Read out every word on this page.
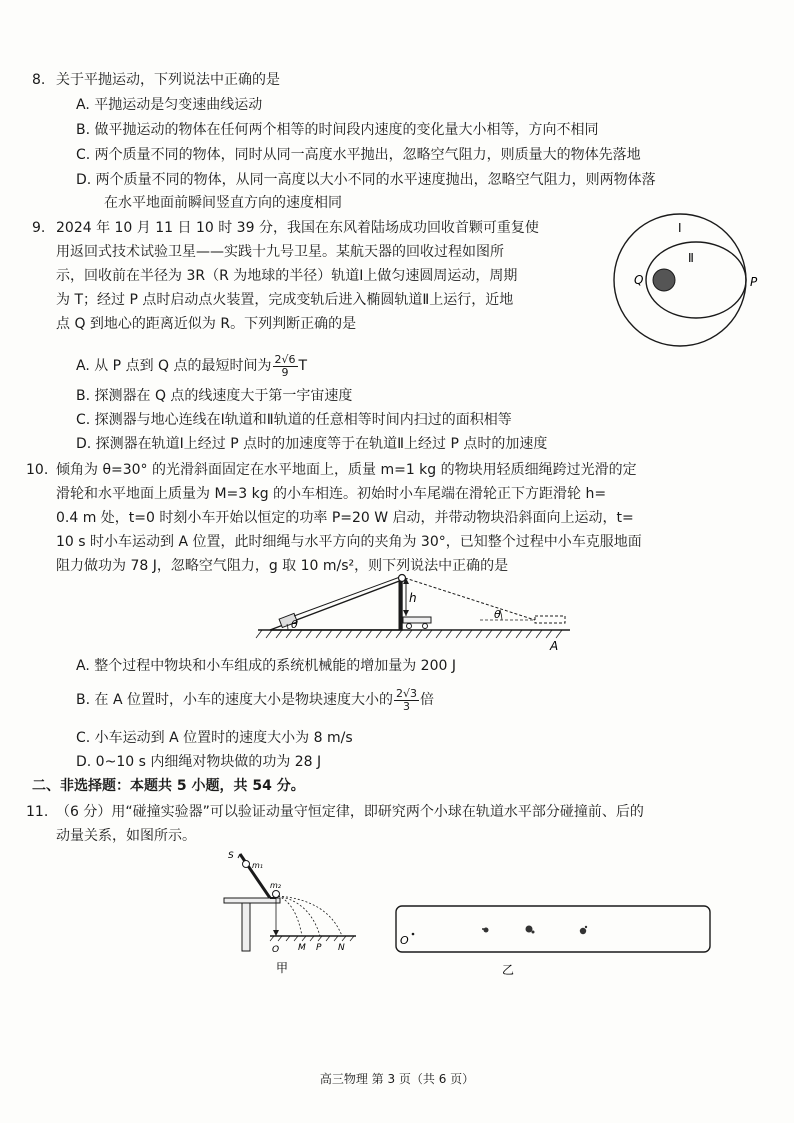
8. 关于平抛运动，下列说法中正确的是
A. 平抛运动是匀变速曲线运动
B. 做平抛运动的物体在任何两个相等的时间段内速度的变化量大小相等，方向不相同
C. 两个质量不同的物体，同时从同一高度水平抛出，忽略空气阻力，则质量大的物体先落地
D. 两个质量不同的物体，从同一高度以大小不同的水平速度抛出，忽略空气阻力，则两物体落
在水平地面前瞬间竖直方向的速度相同
9. 2024 年 10 月 11 日 10 时 39 分，我国在东风着陆场成功回收首颗可重复使
用返回式技术试验卫星——实践十九号卫星。某航天器的回收过程如图所
示，回收前在半径为 3R（R 为地球的半径）轨道Ⅰ上做匀速圆周运动，周期
为 T；经过 P 点时启动点火装置，完成变轨后进入椭圆轨道Ⅱ上运行，近地
点 Q 到地心的距离近似为 R。下列判断正确的是
Ⅰ
Ⅱ
Q	P
A. 从 P 点到 Q 点的最短时间为 $\frac{2√6}{9}$ T
B. 探测器在 Q 点的线速度大于第一宇宙速度
C. 探测器与地心连线在Ⅰ轨道和Ⅱ轨道的任意相等时间内扫过的面积相等
D. 探测器在轨道Ⅰ上经过 P 点时的加速度等于在轨道Ⅱ上经过 P 点时的加速度
10. 倾角为 θ=30° 的光滑斜面固定在水平地面上，质量 m=1 kg 的物块用轻质细绳跨过光滑的定
滑轮和水平地面上质量为 M=3 kg 的小车相连。初始时小车尾端在滑轮正下方距滑轮 h=
0.4 m 处，t=0 时刻小车开始以恒定的功率 P=20 W 启动，并带动物块沿斜面向上运动，t=
10 s 时小车运动到 A 位置，此时细绳与水平方向的夹角为 30°，已知整个过程中小车克服地面
阻力做功为 78 J，忽略空气阻力，g 取 10 m/s²，则下列说法中正确的是
h
θ
θ
A
A. 整个过程中物块和小车组成的系统机械能的增加量为 200 J
B. 在 A 位置时，小车的速度大小是物块速度大小的 $\frac{2√3}{3}$ 倍
C. 小车运动到 A 位置时的速度大小为 8 m/s
D. 0~10 s 内细绳对物块做的功为 28 J
二、非选择题：本题共 5 小题，共 54 分。
11. （6 分）用“碰撞实验器”可以验证动量守恒定律，即研究两个小球在轨道水平部分碰撞前、后的
动量关系，如图所示。
S
m₁
m₂
O M P N
甲
O
乙
高三物理 第 3 页（共 6 页）
